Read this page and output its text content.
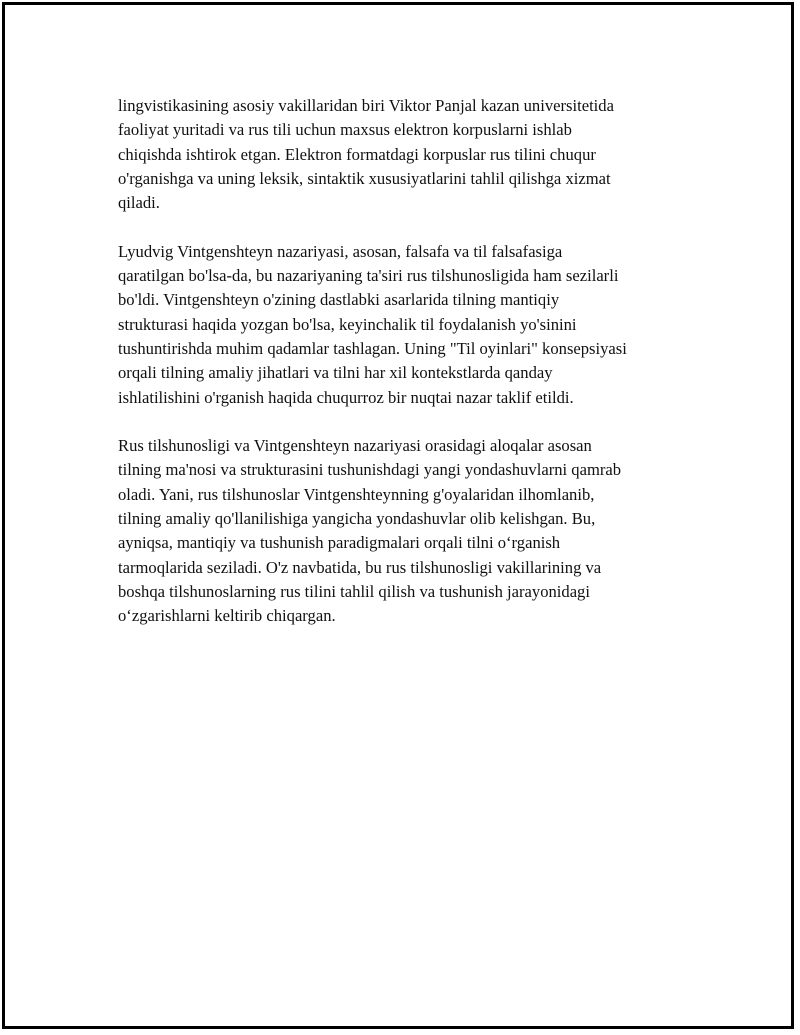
lingvistikasining asosiy vakillaridan biri Viktor Panjal kazan universitetida
faoliyat yuritadi va rus tili uchun maxsus elektron korpuslarni ishlab
chiqishda ishtirok etgan. Elektron formatdagi korpuslar rus tilini chuqur
o'rganishga va uning leksik, sintaktik xususiyatlarini tahlil qilishga xizmat
qiladi.

Lyudvig Vintgenshteyn nazariyasi, asosan, falsafa va til falsafasiga
qaratilgan bo'lsa-da, bu nazariyaning ta'siri rus tilshunosligida ham sezilarli
bo'ldi. Vintgenshteyn o'zining dastlabki asarlarida tilning mantiqiy
strukturasi haqida yozgan bo'lsa, keyinchalik til foydalanish yo'sinini
tushuntirishda muhim qadamlar tashlagan. Uning "Til oyinlari" konsepsiyasi
orqali tilning amaliy jihatlari va tilni har xil kontekstlarda qanday
ishlatilishini o'rganish haqida chuqurroz bir nuqtai nazar taklif etildi.

Rus tilshunosligi va Vintgenshteyn nazariyasi orasidagi aloqalar asosan
tilning ma'nosi va strukturasini tushunishdagi yangi yondashuvlarni qamrab
oladi. Yani, rus tilshunoslar Vintgenshteynning g'oyalaridan ilhomlanib,
tilning amaliy qo'llanilishiga yangicha yondashuvlar olib kelishgan. Bu,
ayniqsa, mantiqiy va tushunish paradigmalari orqali tilni o‘rganish
tarmoqlarida seziladi. O'z navbatida, bu rus tilshunosligi vakillarining va
boshqa tilshunoslarning rus tilini tahlil qilish va tushunish jarayonidagi
o‘zgarishlarni keltirib chiqargan.
